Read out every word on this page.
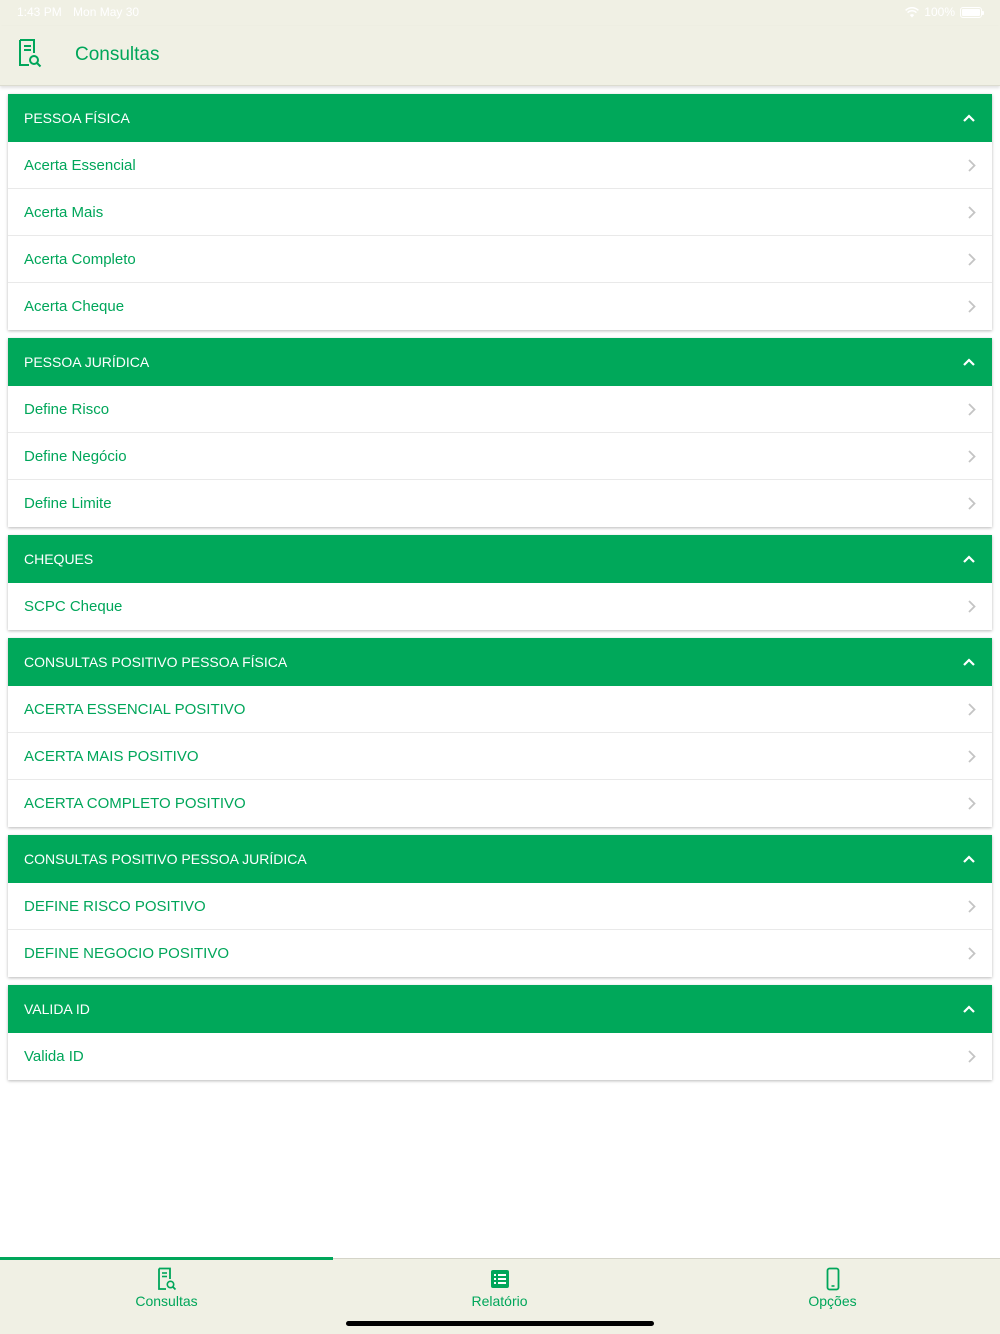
1:43 PM Mon May 30	100%
Consultas
PESSOA FÍSICA
Acerta Essencial
Acerta Mais
Acerta Completo
Acerta Cheque
PESSOA JURÍDICA
Define Risco
Define Negócio
Define Limite
CHEQUES
SCPC Cheque
CONSULTAS POSITIVO PESSOA FÍSICA
ACERTA ESSENCIAL POSITIVO
ACERTA MAIS POSITIVO
ACERTA COMPLETO POSITIVO
CONSULTAS POSITIVO PESSOA JURÍDICA
DEFINE RISCO POSITIVO
DEFINE NEGOCIO POSITIVO
VALIDA ID
Valida ID
Consultas	Relatório	Opções
